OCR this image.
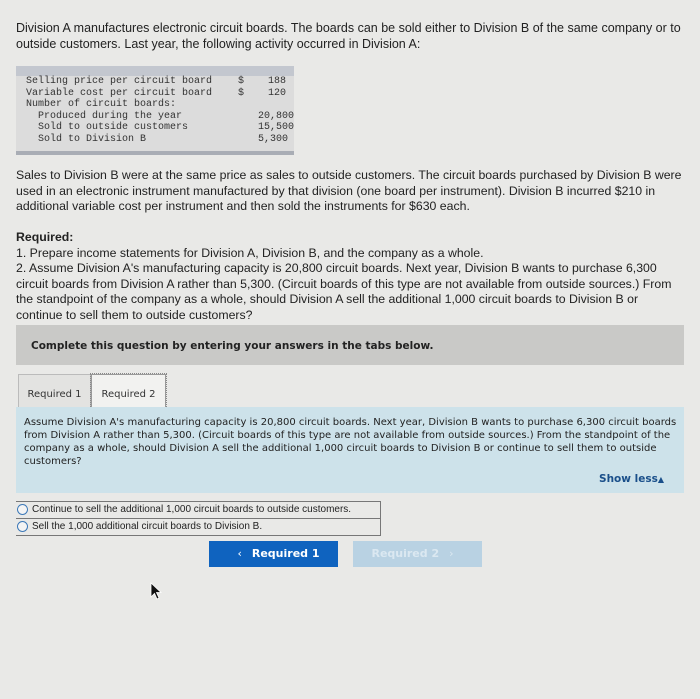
Division A manufactures electronic circuit boards. The boards can be sold either to Division B of the same company or to outside customers. Last year, the following activity occurred in Division A:
Selling price per circuit board	$	188
Variable cost per circuit board	$	120
Number of circuit boards:
Produced during the year	20,800
Sold to outside customers	15,500
Sold to Division B	5,300
Sales to Division B were at the same price as sales to outside customers. The circuit boards purchased by Division B were used in an electronic instrument manufactured by that division (one board per instrument). Division B incurred $210 in additional variable cost per instrument and then sold the instruments for $630 each.
Required:
1. Prepare income statements for Division A, Division B, and the company as a whole.
2. Assume Division A's manufacturing capacity is 20,800 circuit boards. Next year, Division B wants to purchase 6,300 circuit boards from Division A rather than 5,300. (Circuit boards of this type are not available from outside sources.) From the standpoint of the company as a whole, should Division A sell the additional 1,000 circuit boards to Division B or continue to sell them to outside customers?
Complete this question by entering your answers in the tabs below.
Required 1	Required 2
Assume Division A's manufacturing capacity is 20,800 circuit boards. Next year, Division B wants to purchase 6,300 circuit boards from Division A rather than 5,300. (Circuit boards of this type are not available from outside sources.) From the standpoint of the company as a whole, should Division A sell the additional 1,000 circuit boards to Division B or continue to sell them to outside customers?
Show less▲
Continue to sell the additional 1,000 circuit boards to outside customers.
Sell the 1,000 additional circuit boards to Division B.
‹ Required 1	Required 2 ›
